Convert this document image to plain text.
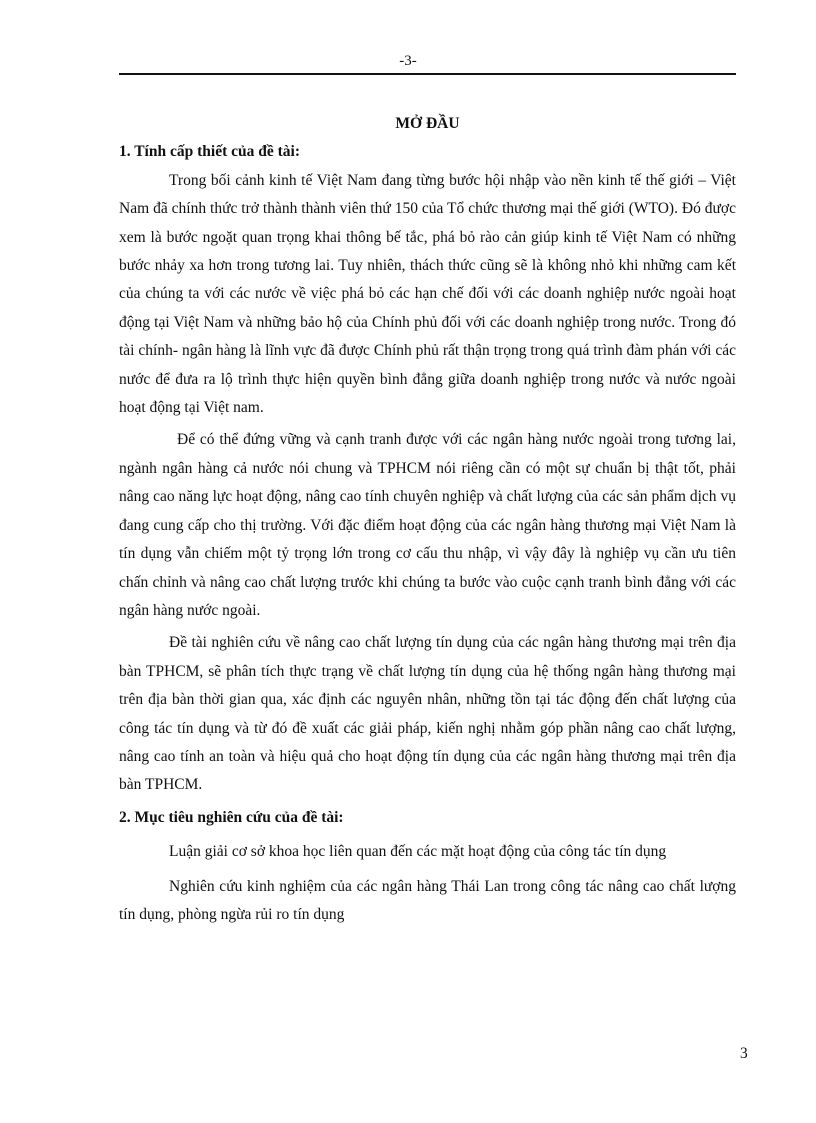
-3-
MỞ ĐẦU
1. Tính cấp thiết của đề tài:

Trong bối cảnh kinh tế Việt Nam đang từng bước hội nhập vào nền kinh tế thế giới – Việt Nam đã chính thức trở thành thành viên thứ 150 của Tổ chức thương mại thế giới (WTO). Đó được xem là bước ngoặt quan trọng khai thông bế tắc, phá bỏ rào cản giúp kinh tế Việt Nam có những bước nhảy xa hơn trong tương lai. Tuy nhiên, thách thức cũng sẽ là không nhỏ khi những cam kết của chúng ta với các nước về việc phá bỏ các hạn chế đối với các doanh nghiệp nước ngoài hoạt động tại Việt Nam và những bảo hộ của Chính phủ đối với các doanh nghiệp trong nước. Trong đó tài chính- ngân hàng là lĩnh vực đã được Chính phủ rất thận trọng trong quá trình đàm phán với các nước để đưa ra lộ trình thực hiện quyền bình đẳng giữa doanh nghiệp trong nước và nước ngoài hoạt động tại Việt nam.

Để có thể đứng vững và cạnh tranh được với các ngân hàng nước ngoài trong tương lai, ngành ngân hàng cả nước nói chung và TPHCM nói riêng cần có một sự chuẩn bị thật tốt, phải nâng cao năng lực hoạt động, nâng cao tính chuyên nghiệp và chất lượng của các sản phẩm dịch vụ đang cung cấp cho thị trường. Với đặc điểm hoạt động của các ngân hàng thương mại Việt Nam là tín dụng vẫn chiếm một tỷ trọng lớn trong cơ cấu thu nhập, vì vậy đây là nghiệp vụ cần ưu tiên chấn chỉnh và nâng cao chất lượng trước khi chúng ta bước vào cuộc cạnh tranh bình đẳng với các ngân hàng nước ngoài.

Đề tài nghiên cứu về nâng cao chất lượng tín dụng của các ngân hàng thương mại trên địa bàn TPHCM, sẽ phân tích thực trạng về chất lượng tín dụng của hệ thống ngân hàng thương mại trên địa bàn thời gian qua, xác định các nguyên nhân, những tồn tại tác động đến chất lượng của công tác tín dụng và từ đó đề xuất các giải pháp, kiến nghị nhằm góp phần nâng cao chất lượng, nâng cao tính an toàn và hiệu quả cho hoạt động tín dụng của các ngân hàng thương mại trên địa bàn TPHCM.

2. Mục tiêu nghiên cứu của đề tài:

Luận giải cơ sở khoa học liên quan đến các mặt hoạt động của công tác tín dụng

Nghiên cứu kinh nghiệm của các ngân hàng Thái Lan trong công tác nâng cao chất lượng tín dụng, phòng ngừa rủi ro tín dụng

3
